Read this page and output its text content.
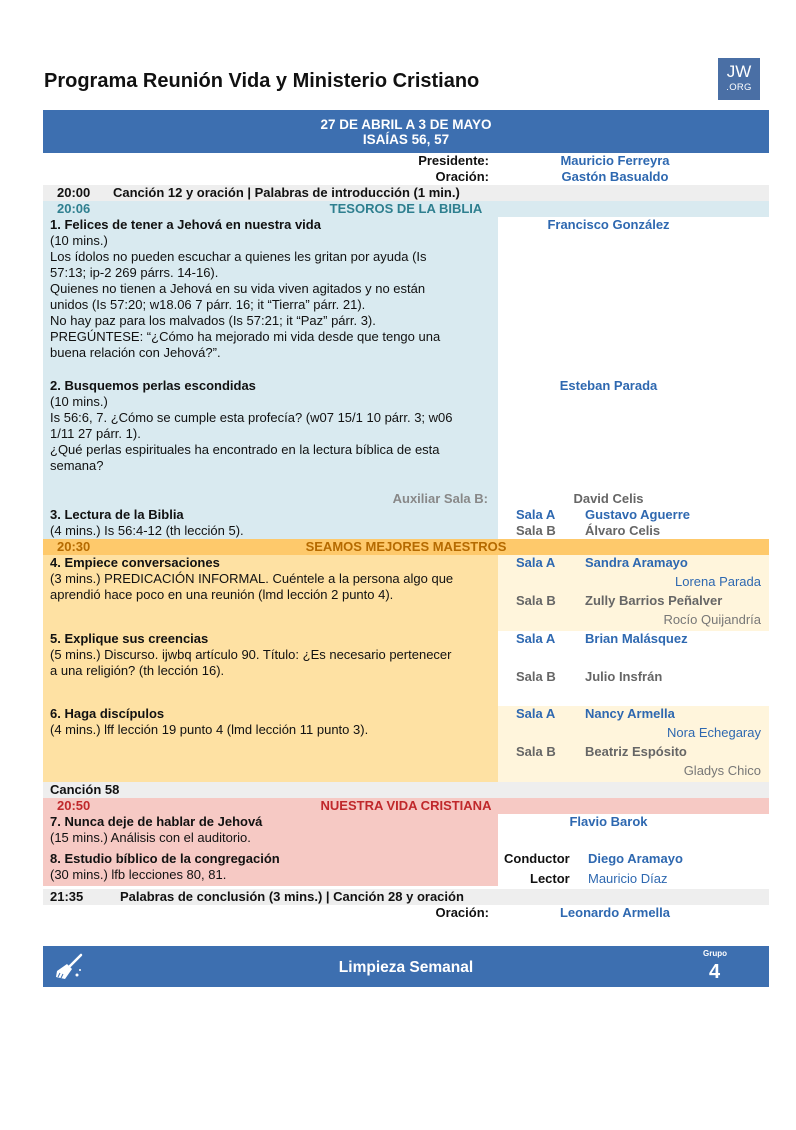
Programa Reunión Vida y Ministerio Cristiano	JW
.ORG
27 DE ABRIL A 3 DE MAYO
ISAÍAS 56, 57
Presidente:	Mauricio Ferreyra
Oración:	Gastón Basualdo
20:00	Canción 12 y oración | Palabras de introducción (1 min.)
20:06	TESOROS DE LA BIBLIA
1. Felices de tener a Jehová en nuestra vida
(10 mins.)
Los ídolos no pueden escuchar a quienes les gritan por ayuda (Is
57:13; ip-2 269 párrs. 14-16).
Quienes no tienen a Jehová en su vida viven agitados y no están
unidos (Is 57:20; w18.06 7 párr. 16; it “Tierra” párr. 21).
No hay paz para los malvados (Is 57:21; it “Paz” párr. 3).
PREGÚNTESE: “¿Cómo ha mejorado mi vida desde que tengo una
buena relación con Jehová?”.
Francisco González
2. Busquemos perlas escondidas
(10 mins.)
Is 56:6, 7. ¿Cómo se cumple esta profecía? (w07 15/1 10 párr. 3; w06
1/11 27 párr. 1).
¿Qué perlas espirituales ha encontrado en la lectura bíblica de esta
semana?
Esteban Parada
Auxiliar Sala B:	David Celis
3. Lectura de la Biblia
(4 mins.) Is 56:4-12 (th lección 5).
Sala A	Gustavo Aguerre
Sala B	Álvaro Celis
20:30	SEAMOS MEJORES MAESTROS
4. Empiece conversaciones
(3 mins.) PREDICACIÓN INFORMAL. Cuéntele a la persona algo que
aprendió hace poco en una reunión (lmd lección 2 punto 4).
Sala A	Sandra Aramayo
Lorena Parada
Sala B	Zully Barrios Peñalver
Rocío Quijandría
5. Explique sus creencias
(5 mins.) Discurso. ijwbq artículo 90. Título: ¿Es necesario pertenecer
a una religión? (th lección 16).
Sala A	Brian Malásquez
Sala B	Julio Insfrán
6. Haga discípulos
(4 mins.) lff lección 19 punto 4 (lmd lección 11 punto 3).
Sala A	Nancy Armella
Nora Echegaray
Sala B	Beatriz Espósito
Gladys Chico
Canción 58
20:50	NUESTRA VIDA CRISTIANA
7. Nunca deje de hablar de Jehová
(15 mins.) Análisis con el auditorio.
Flavio Barok
8. Estudio bíblico de la congregación
(30 mins.) lfb lecciones 80, 81.
Conductor Diego Aramayo
Lector Mauricio Díaz
21:35	Palabras de conclusión (3 mins.) | Canción 28 y oración
Oración:	Leonardo Armella
Limpieza Semanal
Grupo
4
